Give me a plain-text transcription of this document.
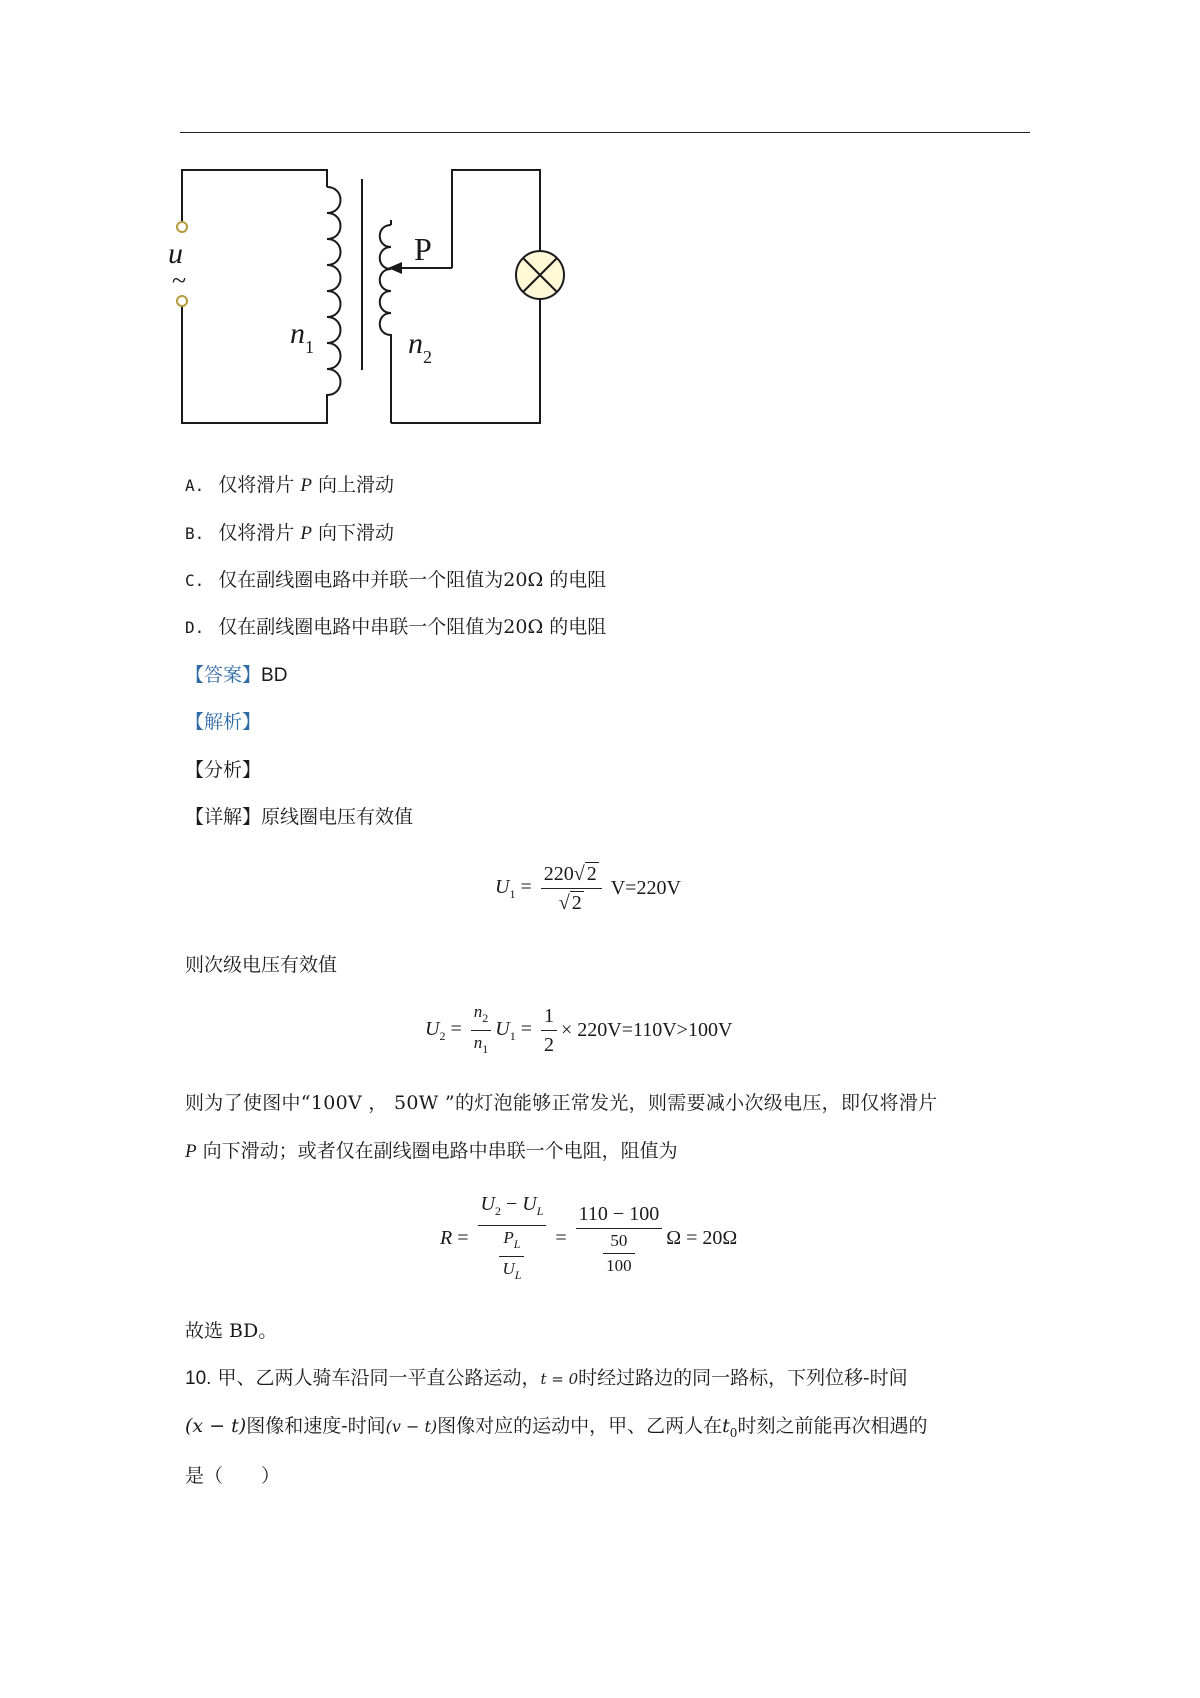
u
~
P
$n_1$	$n_2$
A. 仅将滑片 P 向上滑动
B. 仅将滑片 P 向下滑动
C. 仅在副线圈电路中并联一个阻值为20Ω 的电阻
D. 仅在副线圈电路中串联一个阻值为20Ω 的电阻
【答案】BD
【解析】
【分析】
【详解】原线圈电压有效值
$U_1 = \frac{220√ 2}{√ 2} V=220V$
则次级电压有效值
$U_2 = \frac{n_2}{n_1} U_1 = \frac{1}{2} \times 220V=110V>100V$
则为了使图中“100V ， 50W ”的灯泡能够正常发光，则需要减小次级电压，即仅将滑片
P 向下滑动；或者仅在副线圈电路中串联一个电阻，阻值为
$R = \frac{U_2 - U_L}{\frac{P_L}{U_L}} = \frac{110 - 100}{\frac{50}{100}}$ Ω = 20Ω
故选 BD。
10. 甲、乙两人骑车沿同一平直公路运动，t = 0时经过路边的同一路标，下列位移-时间
(x − t)图像和速度-时间(v − t)图像对应的运动中，甲、乙两人在$t_0$时刻之前能再次相遇的
是（　　）
